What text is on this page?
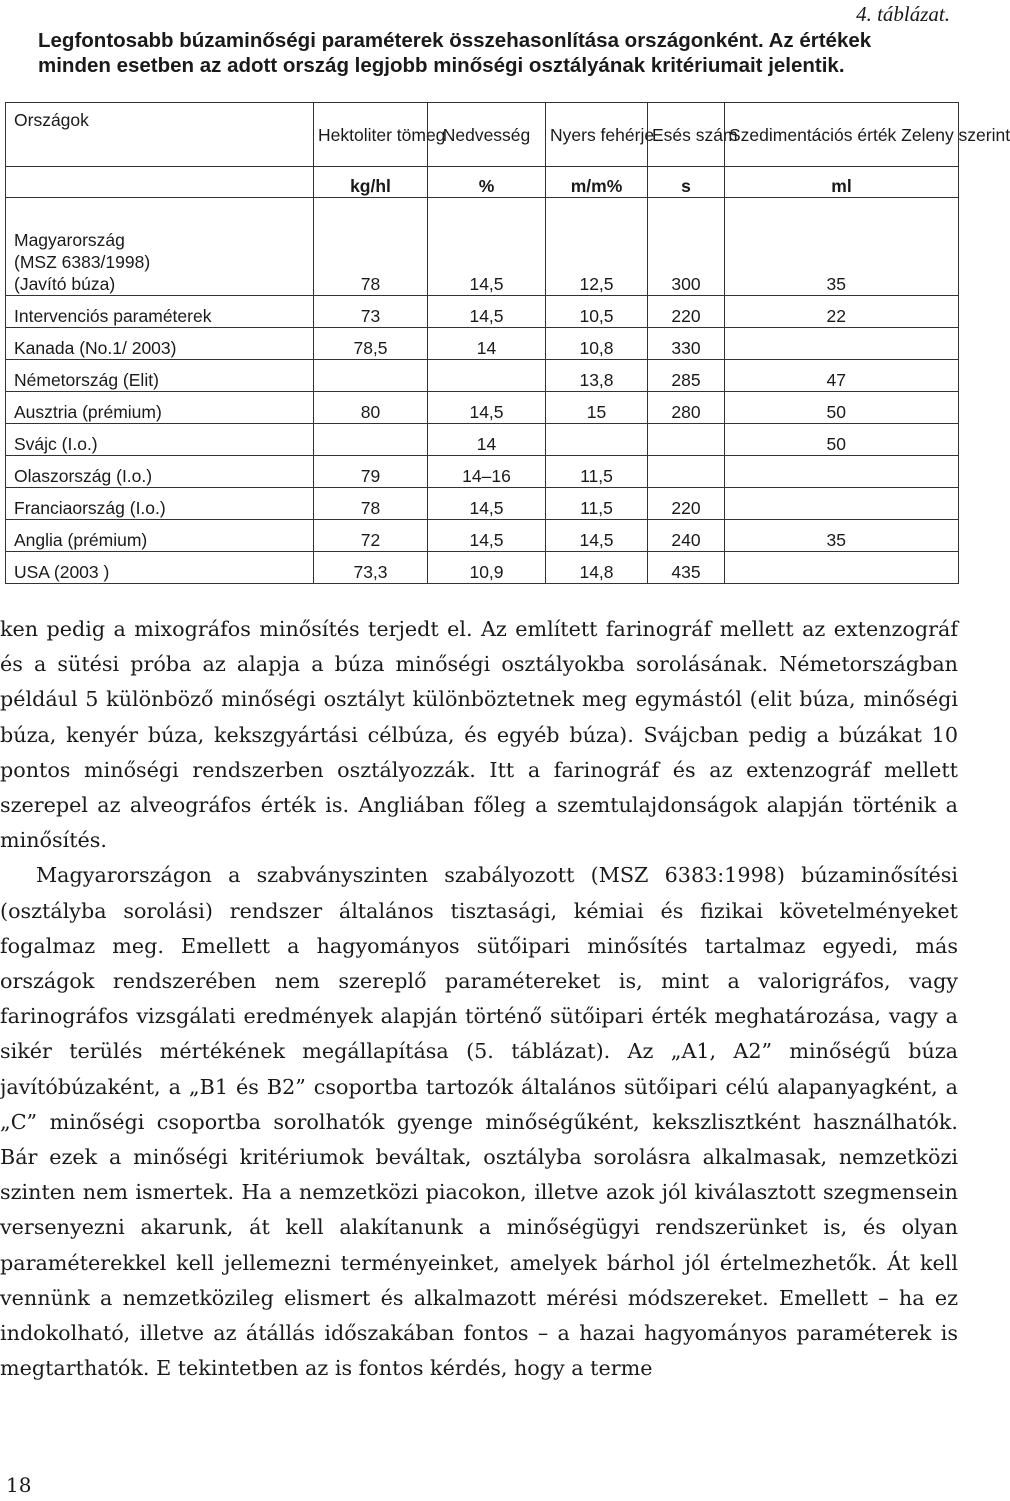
4. táblázat.
Legfontosabb búzaminőségi paraméterek összehasonlítása országonként. Az értékek minden esetben az adott ország legjobb minőségi osztályának kritériumait jelentik.
Országok	Hektoliter tömeg	Nedvesség	Nyers fehérje	Esés szám	Szedimentációs érték Zeleny szerint
	kg/hl	%	m/m%	s	ml
Magyarország
(MSZ 6383/1998)
(Javító búza)	78	14,5	12,5	300	35
Intervenciós paraméterek	73	14,5	10,5	220	22
Kanada (No.1/ 2003)	78,5	14	10,8	330	
Németország (Elit)			13,8	285	47
Ausztria (prémium)	80	14,5	15	280	50
Svájc (I.o.)		14			50
Olaszország (I.o.)	79	14–16	11,5		
Franciaország (I.o.)	78	14,5	11,5	220	
Anglia (prémium)	72	14,5	14,5	240	35
USA (2003 )	73,3	10,9	14,8	435	

ken pedig a mixográfos minősítés terjedt el. Az említett farinográf mellett az extenzográf és a sütési próba az alapja a búza minőségi osztályokba sorolásának. Németországban például 5 különböző minőségi osztályt különböztetnek meg egymástól (elit búza, minőségi búza, kenyér búza, kekszgyártási célbúza, és egyéb búza). Svájcban pedig a búzákat 10 pontos minőségi rendszerben osztályozzák. Itt a farinográf és az extenzográf mellett szerepel az alveográfos érték is. Angliában főleg a szemtulajdonságok alapján történik a minősítés.

Magyarországon a szabványszinten szabályozott (MSZ 6383:1998) búzaminősítési (osztályba sorolási) rendszer általános tisztasági, kémiai és fizikai követelményeket fogalmaz meg. Emellett a hagyományos sütőipari minősítés tartalmaz egyedi, más országok rendszerében nem szereplő paramétereket is, mint a valorigráfos, vagy farinográfos vizsgálati eredmények alapján történő sütőipari érték meghatározása, vagy a sikér terülés mértékének megállapítása (5. táblázat). Az „A1, A2” minőségű búza javítóbúzaként, a „B1 és B2” csoportba tartozók általános sütőipari célú alapanyagként, a „C” minőségi csoportba sorolhatók gyenge minőségűként, kekszlisztként használhatók. Bár ezek a minőségi kritériumok beváltak, osztályba sorolásra alkalmasak, nemzetközi szinten nem ismertek. Ha a nemzetközi piacokon, illetve azok jól kiválasztott szegmensein versenyezni akarunk, át kell alakítanunk a minőségügyi rendszerünket is, és olyan paraméterekkel kell jellemezni terményeinket, amelyek bárhol jól értelmezhetők. Át kell vennünk a nemzetközileg elismert és alkalmazott mérési módszereket. Emellett – ha ez indokolható, illetve az átállás időszakában fontos – a hazai hagyományos paraméterek is megtarthatók. E tekintetben az is fontos kérdés, hogy a terme

18
